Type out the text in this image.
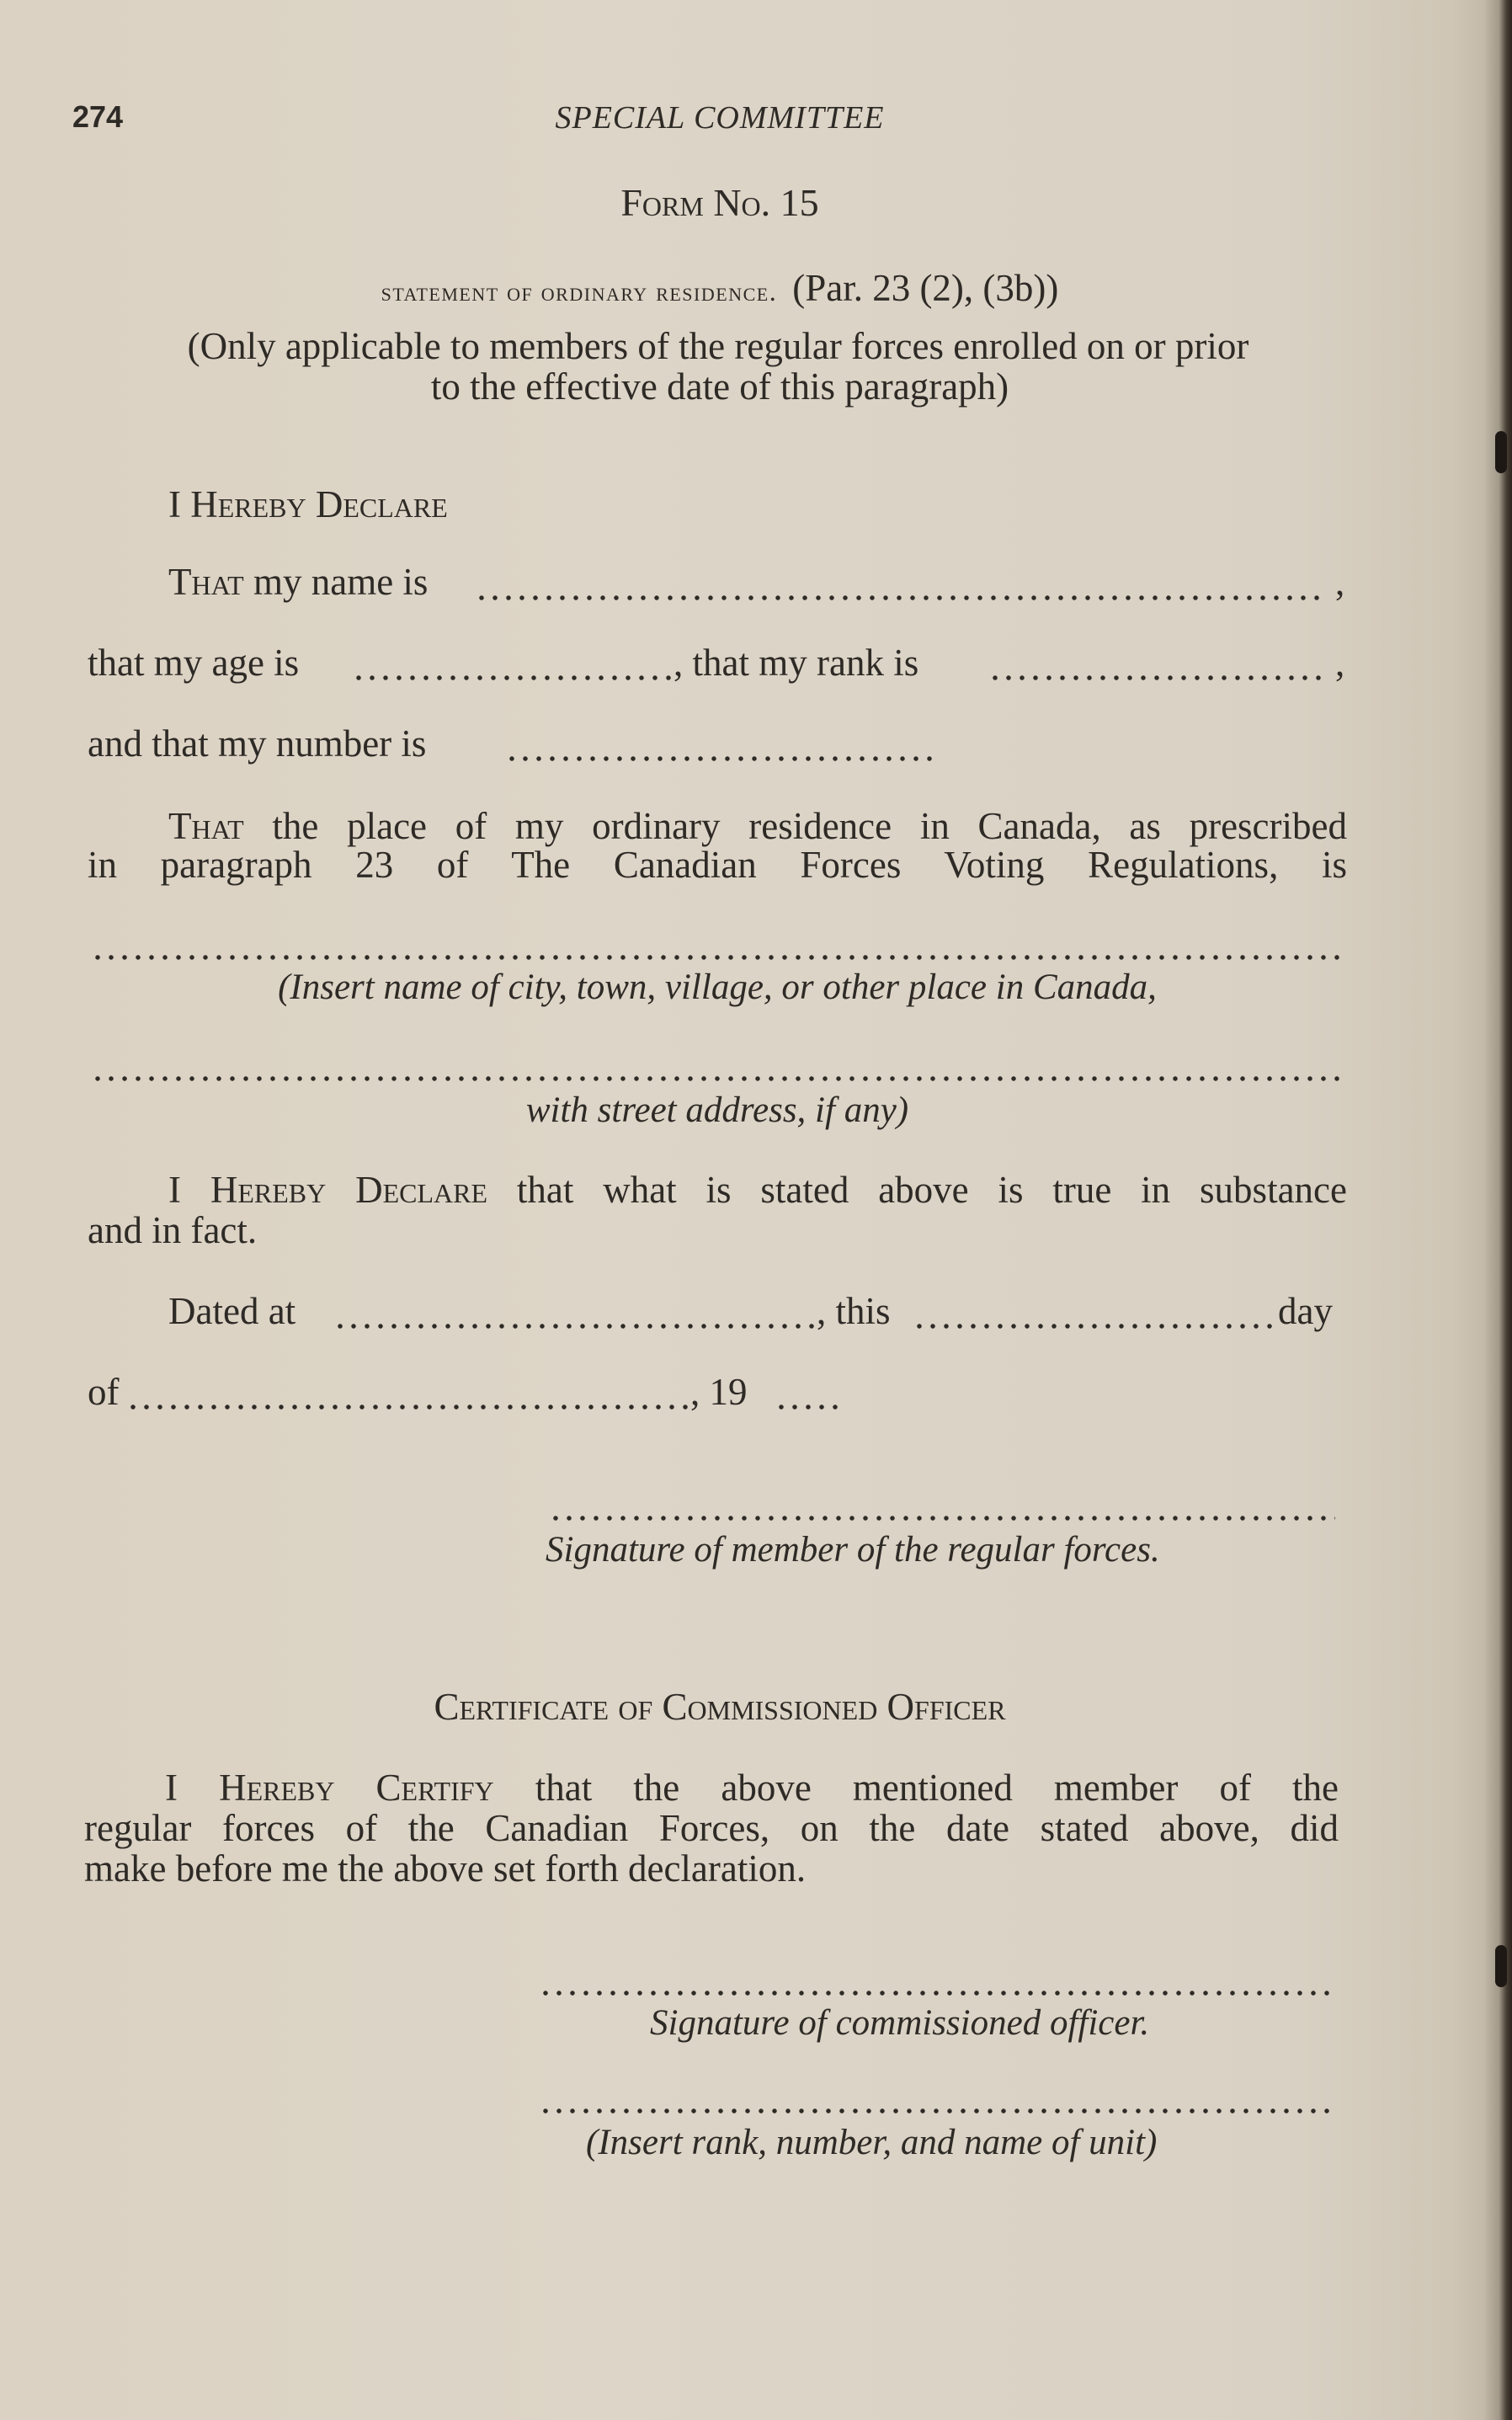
274	SPECIAL COMMITTEE
Form No. 15
statement of ordinary residence. (Par. 23 (2), (3b))
(Only applicable to members of the regular forces enrolled on or prior
to the effective date of this paragraph)
I Hereby Declare
That my name is	,
that my age is	, that my rank is	,
and that my number is
That the place of my ordinary residence in Canada, as prescribed
in paragraph 23 of The Canadian Forces Voting Regulations, is
(Insert name of city, town, village, or other place in Canada,
with street address, if any)
I Hereby Declare that what is stated above is true in substance
and in fact.
Dated at	, this	day
of	, 19
Signature of member of the regular forces.
Certificate of Commissioned Officer
I Hereby Certify that the above mentioned member of the
regular forces of the Canadian Forces, on the date stated above, did
make before me the above set forth declaration.
Signature of commissioned officer.
(Insert rank, number, and name of unit)
